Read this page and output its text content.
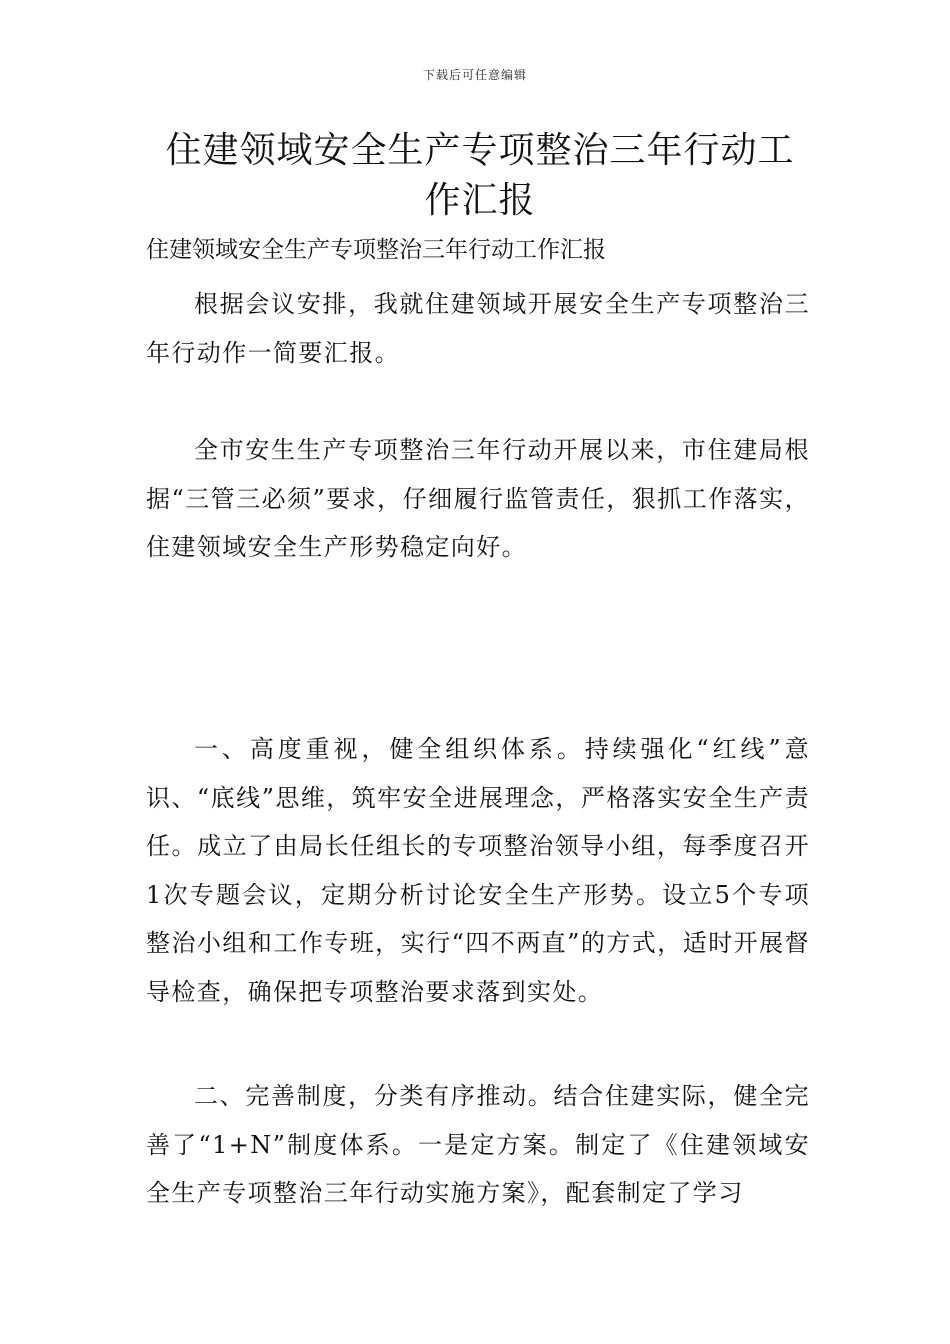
下载后可任意编辑
住建领域安全生产专项整治三年行动工作汇报
住建领域安全生产专项整治三年行动工作汇报

根据会议安排，我就住建领域开展安全生产专项整治三年行动作一简要汇报。

全市安生生产专项整治三年行动开展以来，市住建局根据“三管三必须”要求，仔细履行监管责任，狠抓工作落实，住建领域安全生产形势稳定向好。

一、高度重视，健全组织体系。持续强化“红线”意识、“底线”思维，筑牢安全进展理念，严格落实安全生产责任。成立了由局长任组长的专项整治领导小组，每季度召开1次专题会议，定期分析讨论安全生产形势。设立5个专项整治小组和工作专班，实行“四不两直”的方式，适时开展督导检查，确保把专项整治要求落到实处。

二、完善制度，分类有序推动。结合住建实际，健全完善了“1+N”制度体系。一是定方案。制定了《住建领域安全生产专项整治三年行动实施方案》，配套制定了学习
